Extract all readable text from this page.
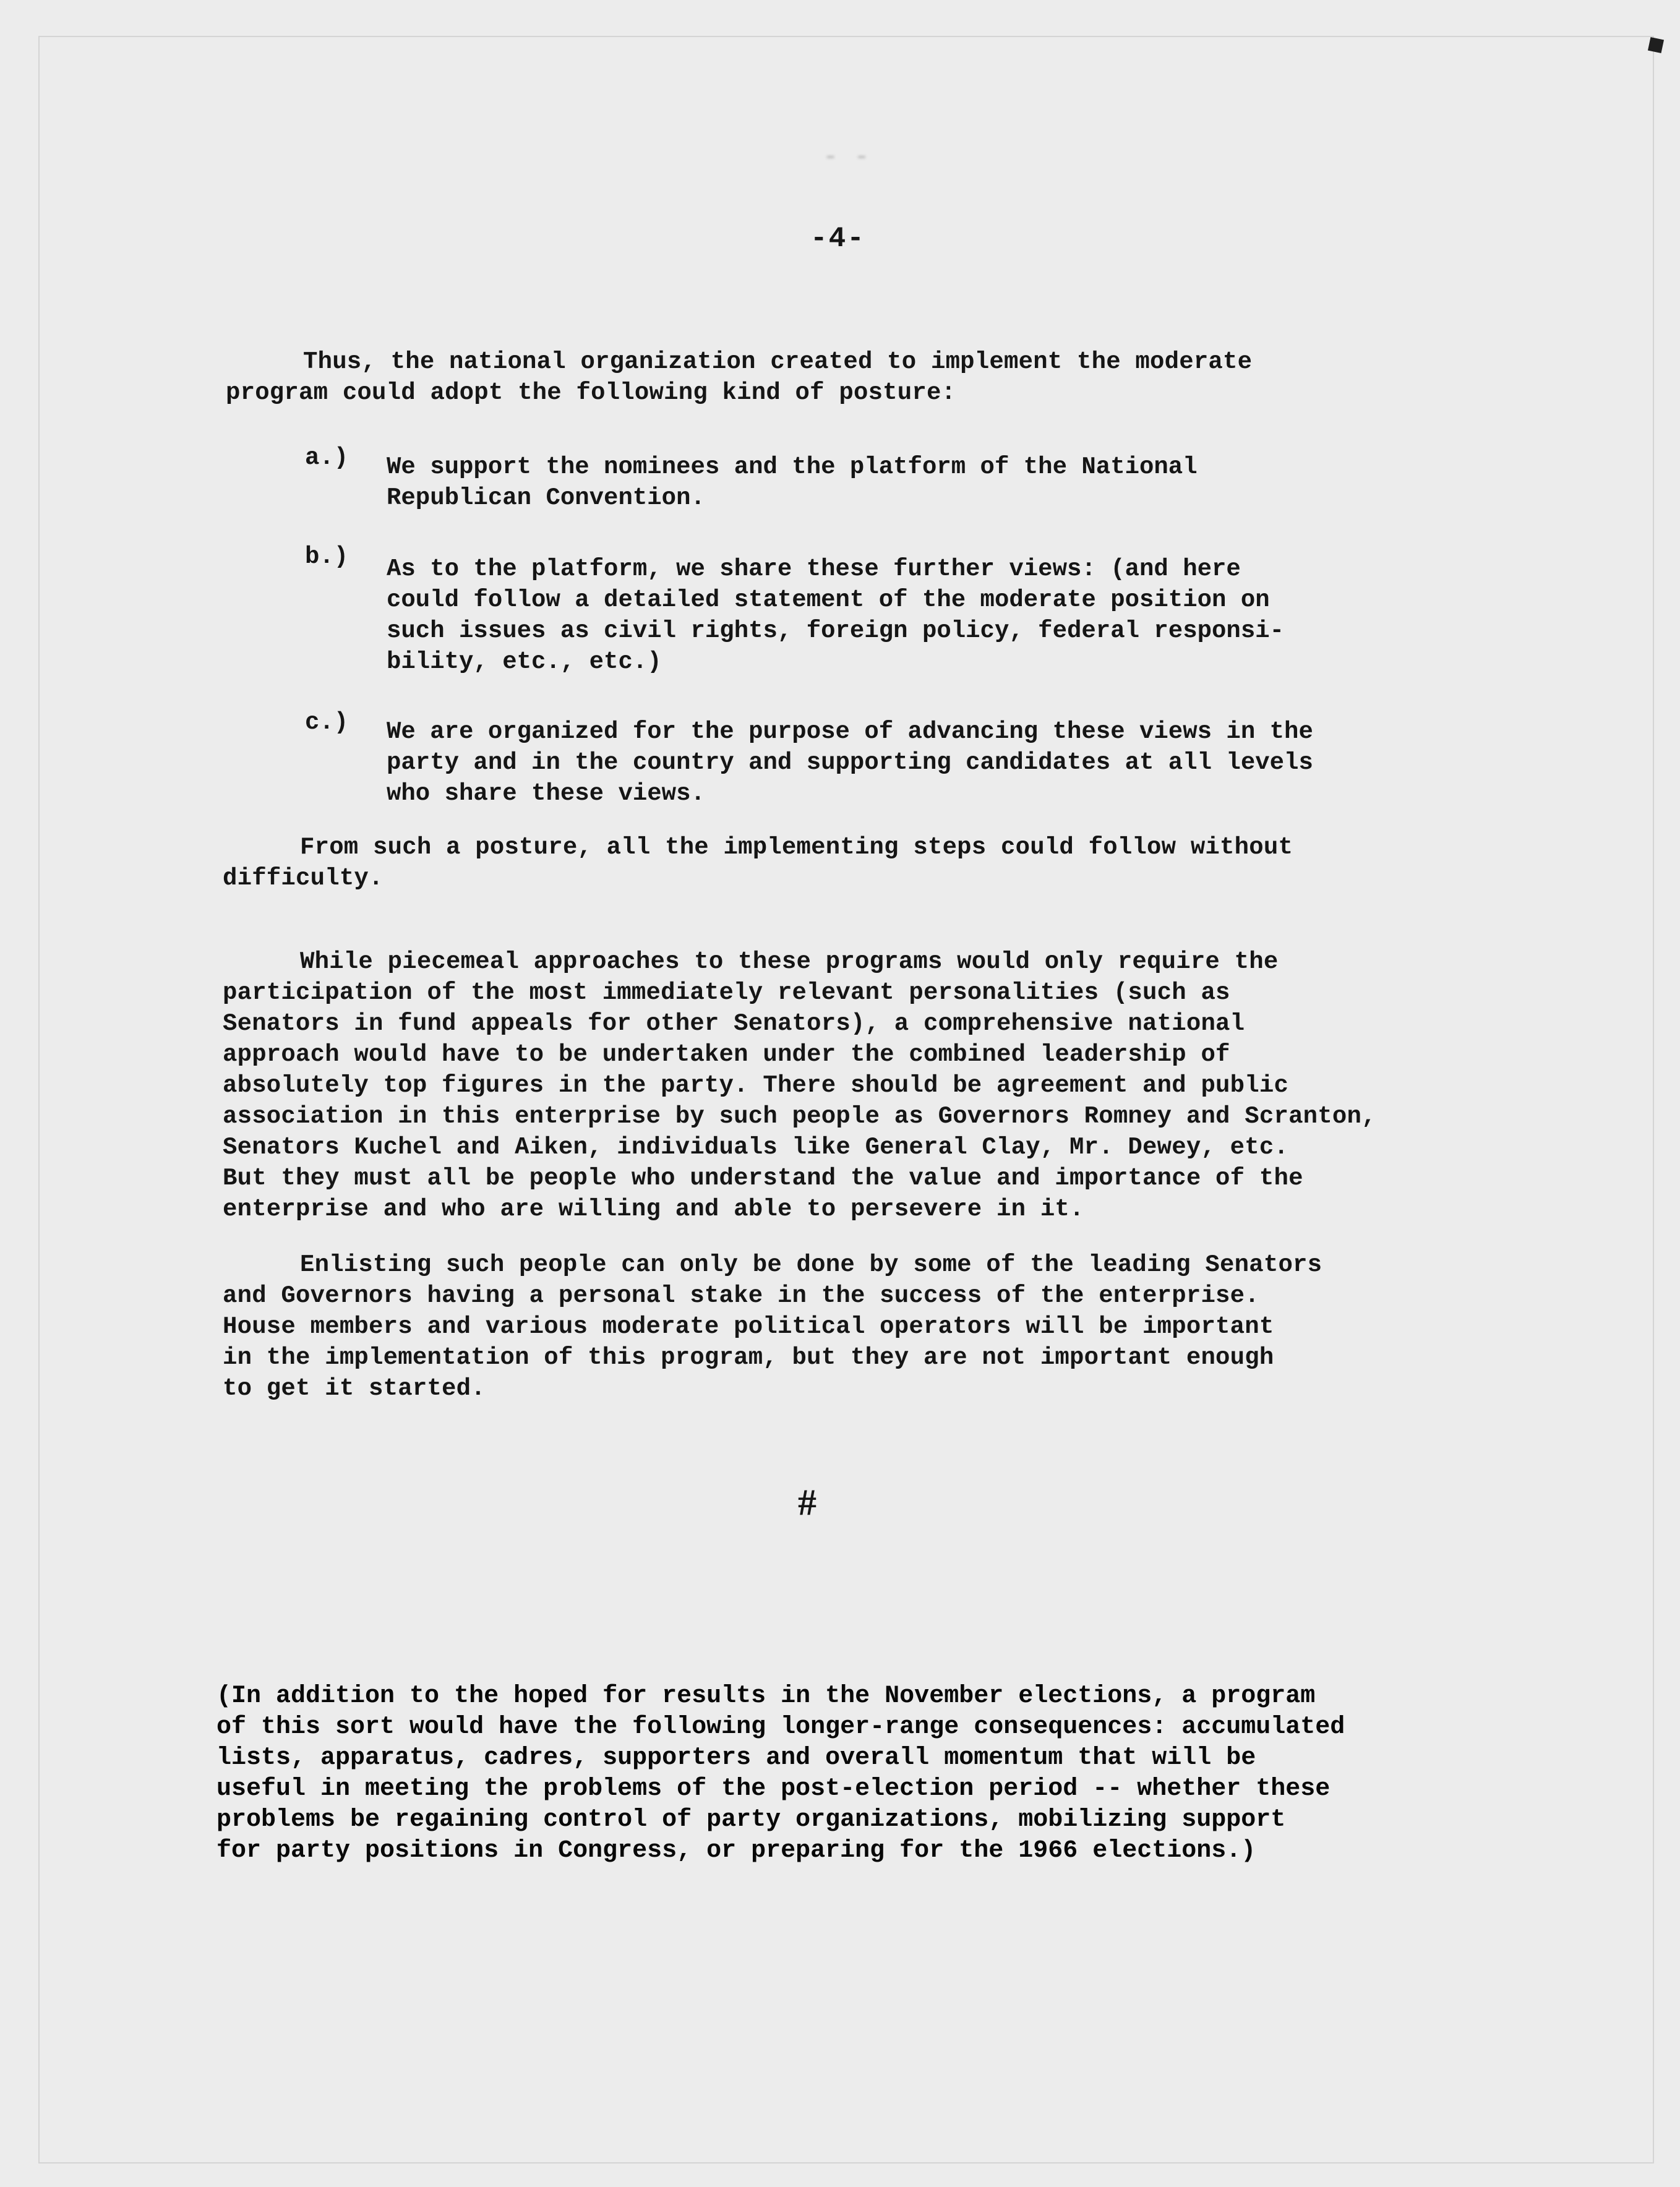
- -
-4-
Thus, the national organization created to implement the moderate
program could adopt the following kind of posture:
a.) We support the nominees and the platform of the National
Republican Convention.
b.) As to the platform, we share these further views: (and here
could follow a detailed statement of the moderate position on
such issues as civil rights, foreign policy, federal responsi-
bility, etc., etc.)
c.) We are organized for the purpose of advancing these views in the
party and in the country and supporting candidates at all levels
who share these views.
From such a posture, all the implementing steps could follow without
difficulty.
While piecemeal approaches to these programs would only require the
participation of the most immediately relevant personalities (such as
Senators in fund appeals for other Senators), a comprehensive national
approach would have to be undertaken under the combined leadership of
absolutely top figures in the party. There should be agreement and public
association in this enterprise by such people as Governors Romney and Scranton,
Senators Kuchel and Aiken, individuals like General Clay, Mr. Dewey, etc.
But they must all be people who understand the value and importance of the
enterprise and who are willing and able to persevere in it.
Enlisting such people can only be done by some of the leading Senators
and Governors having a personal stake in the success of the enterprise.
House members and various moderate political operators will be important
in the implementation of this program, but they are not important enough
to get it started.
#
(In addition to the hoped for results in the November elections, a program
of this sort would have the following longer-range consequences: accumulated
lists, apparatus, cadres, supporters and overall momentum that will be
useful in meeting the problems of the post-election period -- whether these
problems be regaining control of party organizations, mobilizing support
for party positions in Congress, or preparing for the 1966 elections.)
